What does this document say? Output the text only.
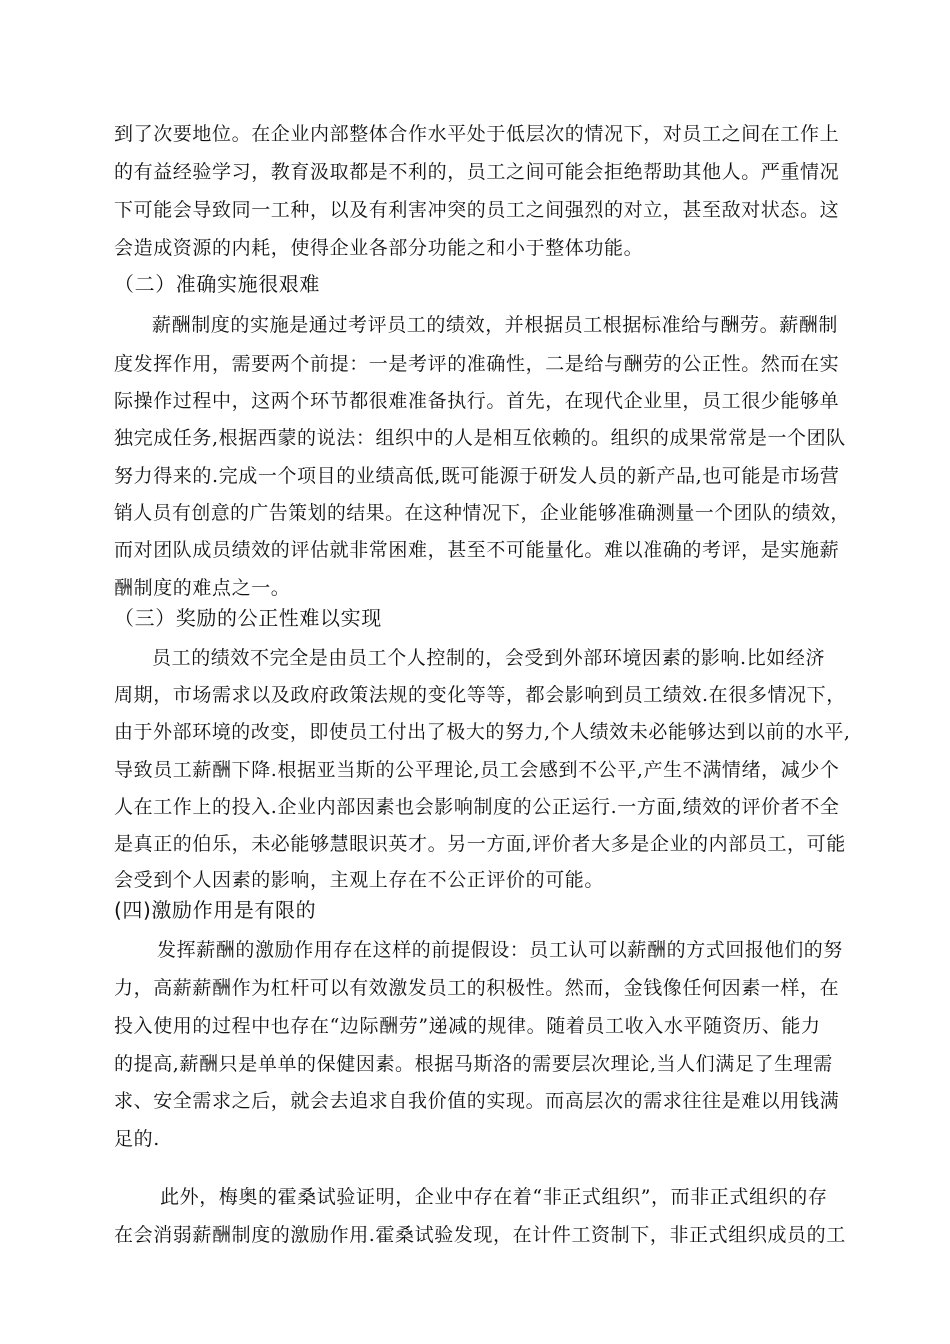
到了次要地位。在企业内部整体合作水平处于低层次的情况下，对员工之间在工作上
的有益经验学习，教育汲取都是不利的，员工之间可能会拒绝帮助其他人。严重情况
下可能会导致同一工种，以及有利害冲突的员工之间强烈的对立，甚至敌对状态。这
会造成资源的内耗，使得企业各部分功能之和小于整体功能。
（二）准确实施很艰难
薪酬制度的实施是通过考评员工的绩效，并根据员工根据标准给与酬劳。薪酬制
度发挥作用，需要两个前提：一是考评的准确性，二是给与酬劳的公正性。然而在实
际操作过程中，这两个环节都很难准备执行。首先，在现代企业里，员工很少能够单
独完成任务,根据西蒙的说法：组织中的人是相互依赖的。组织的成果常常是一个团队
努力得来的.完成一个项目的业绩高低,既可能源于研发人员的新产品,也可能是市场营
销人员有创意的广告策划的结果。在这种情况下，企业能够准确测量一个团队的绩效，
而对团队成员绩效的评估就非常困难，甚至不可能量化。难以准确的考评，是实施薪
酬制度的难点之一。
（三）奖励的公正性难以实现
员工的绩效不完全是由员工个人控制的，会受到外部环境因素的影响.比如经济
周期，市场需求以及政府政策法规的变化等等，都会影响到员工绩效.在很多情况下，
由于外部环境的改变，即使员工付出了极大的努力,个人绩效未必能够达到以前的水平,
导致员工薪酬下降.根据亚当斯的公平理论,员工会感到不公平,产生不满情绪，减少个
人在工作上的投入.企业内部因素也会影响制度的公正运行.一方面,绩效的评价者不全
是真正的伯乐，未必能够慧眼识英才。另一方面,评价者大多是企业的内部员工，可能
会受到个人因素的影响，主观上存在不公正评价的可能。
(四)激励作用是有限的
发挥薪酬的激励作用存在这样的前提假设：员工认可以薪酬的方式回报他们的努
力，高薪薪酬作为杠杆可以有效激发员工的积极性。然而，金钱像任何因素一样，在
投入使用的过程中也存在“边际酬劳”递减的规律。随着员工收入水平随资历、能力
的提高,薪酬只是单单的保健因素。根据马斯洛的需要层次理论,当人们满足了生理需
求、安全需求之后，就会去追求自我价值的实现。而高层次的需求往往是难以用钱满
足的.
此外，梅奥的霍桑试验证明，企业中存在着“非正式组织”，而非正式组织的存
在会消弱薪酬制度的激励作用.霍桑试验发现，在计件工资制下，非正式组织成员的工
